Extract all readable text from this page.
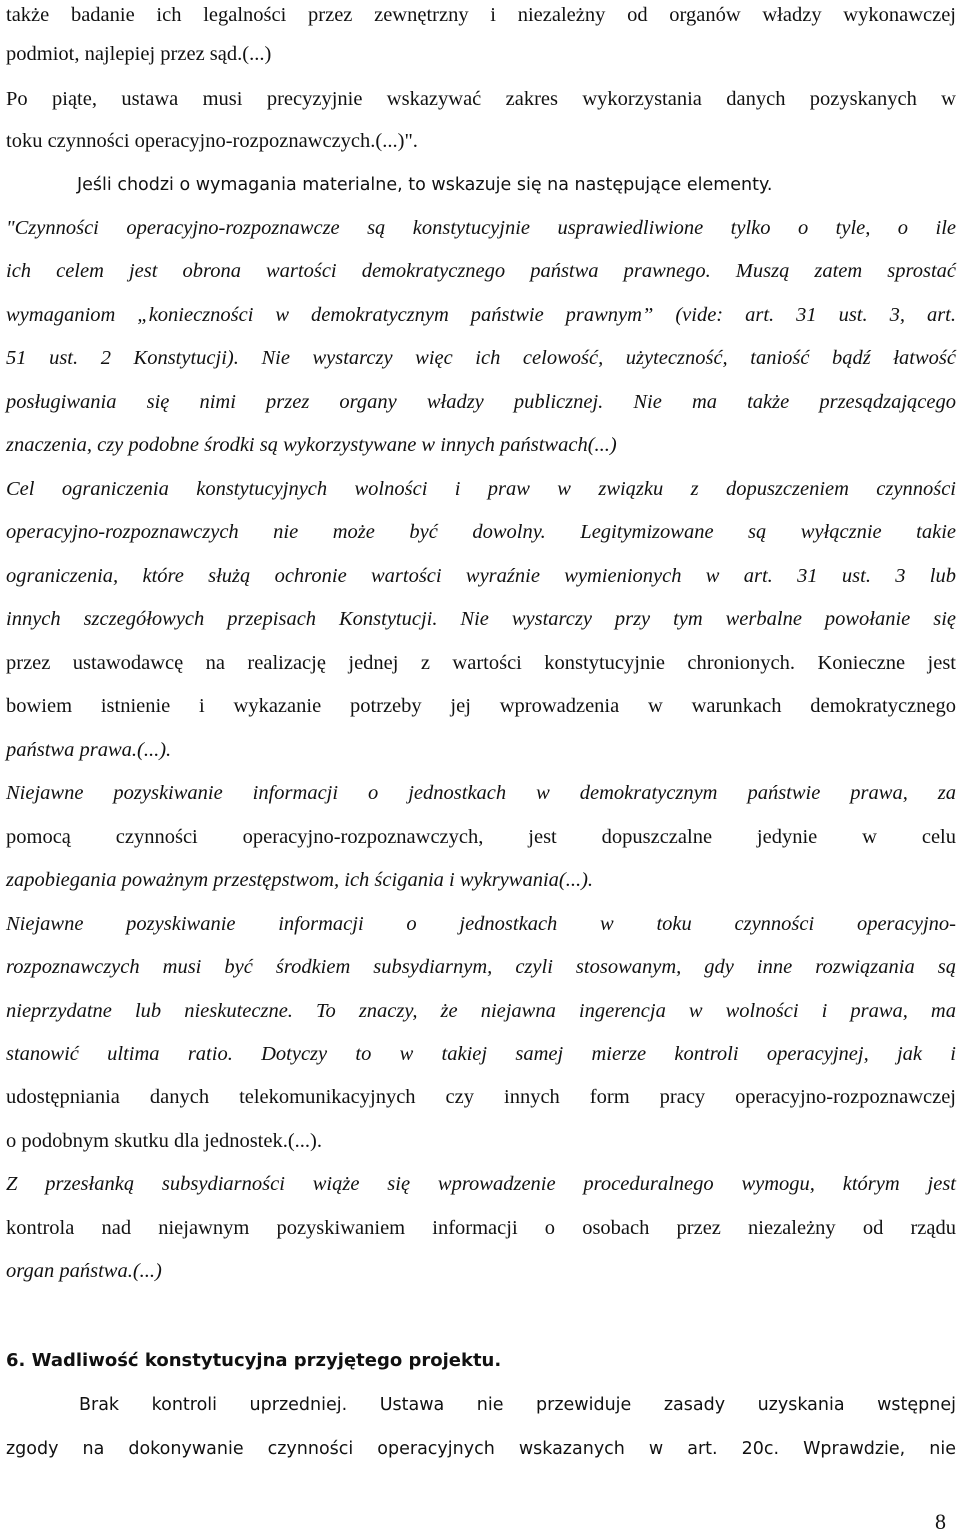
także badanie ich legalności przez zewnętrzny i niezależny od organów władzy wykonawczej
podmiot, najlepiej przez sąd.(...)
Po piąte, ustawa musi precyzyjnie wskazywać zakres wykorzystania danych pozyskanych w
toku czynności operacyjno-rozpoznawczych.(...)".
Jeśli chodzi o wymagania materialne, to wskazuje się na następujące elementy.
"Czynności operacyjno-rozpoznawcze są konstytucyjnie usprawiedliwione tylko o tyle, o ile
ich celem jest obrona wartości demokratycznego państwa prawnego. Muszą zatem sprostać
wymaganiom „konieczności w demokratycznym państwie prawnym” (vide: art. 31 ust. 3, art.
51 ust. 2 Konstytucji). Nie wystarczy więc ich celowość, użyteczność, taniość bądź łatwość
posługiwania się nimi przez organy władzy publicznej. Nie ma także przesądzającego
znaczenia, czy podobne środki są wykorzystywane w innych państwach(...)
Cel ograniczenia konstytucyjnych wolności i praw w związku z dopuszczeniem czynności
operacyjno-rozpoznawczych nie może być dowolny. Legitymizowane są wyłącznie takie
ograniczenia, które służą ochronie wartości wyraźnie wymienionych w art. 31 ust. 3 lub
innych szczegółowych przepisach Konstytucji. Nie wystarczy przy tym werbalne powołanie się
przez ustawodawcę na realizację jednej z wartości konstytucyjnie chronionych. Konieczne jest
bowiem istnienie i wykazanie potrzeby jej wprowadzenia w warunkach demokratycznego
państwa prawa.(...).
Niejawne pozyskiwanie informacji o jednostkach w demokratycznym państwie prawa, za
pomocą czynności operacyjno-rozpoznawczych, jest dopuszczalne jedynie w celu
zapobiegania poważnym przestępstwom, ich ścigania i wykrywania(...).
Niejawne pozyskiwanie informacji o jednostkach w toku czynności operacyjno-
rozpoznawczych musi być środkiem subsydiarnym, czyli stosowanym, gdy inne rozwiązania są
nieprzydatne lub nieskuteczne. To znaczy, że niejawna ingerencja w wolności i prawa, ma
stanowić ultima ratio. Dotyczy to w takiej samej mierze kontroli operacyjnej, jak i
udostępniania danych telekomunikacyjnych czy innych form pracy operacyjno-rozpoznawczej
o podobnym skutku dla jednostek.(...).
Z przesłanką subsydiarności wiąże się wprowadzenie proceduralnego wymogu, którym jest
kontrola nad niejawnym pozyskiwaniem informacji o osobach przez niezależny od rządu
organ państwa.(...)
6. Wadliwość konstytucyjna przyjętego projektu.
Brak kontroli uprzedniej. Ustawa nie przewiduje zasady uzyskania wstępnej
zgody na dokonywanie czynności operacyjnych wskazanych w art. 20c. Wprawdzie, nie
8
